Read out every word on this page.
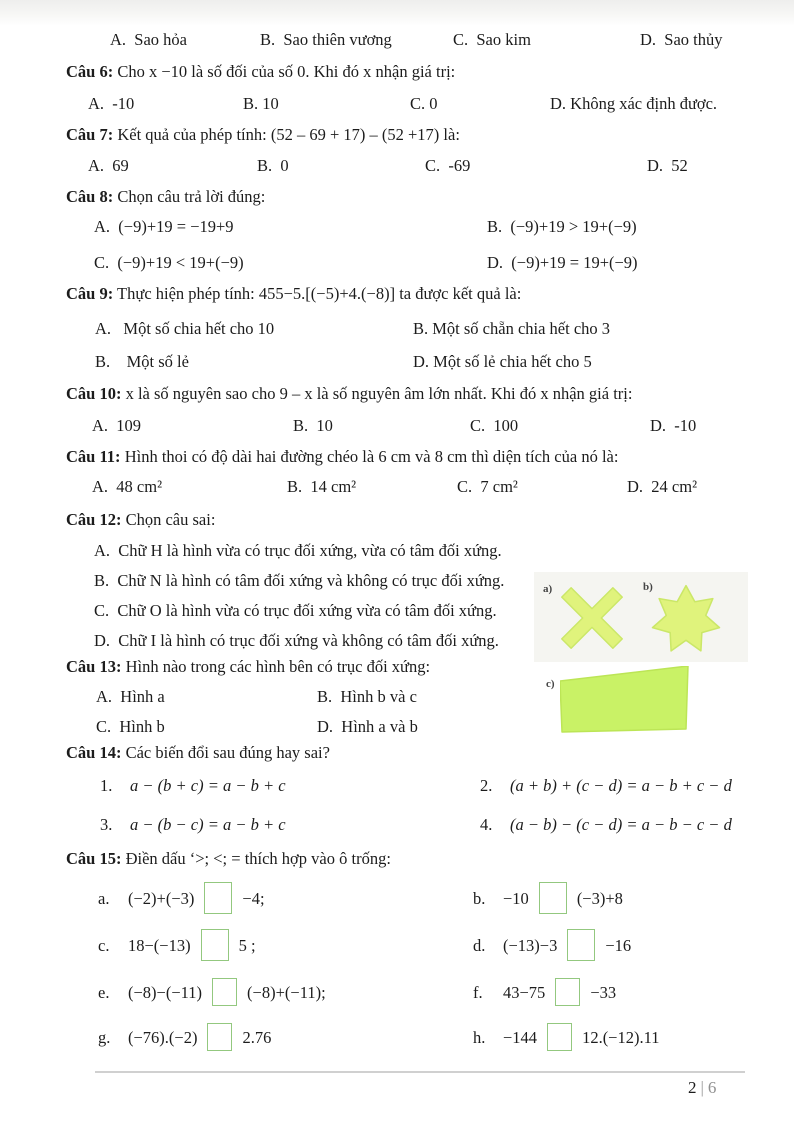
A.  Sao hỏa	B.  Sao thiên vương	C.  Sao kim	D.  Sao thủy
Câu 6: Cho x −10 là số đối của số 0. Khi đó x nhận giá trị:
A.  -10	B. 10	C. 0	D. Không xác định được.
Câu 7: Kết quả của phép tính: (52 – 69 + 17) – (52 +17) là:
A.  69	B.  0	C.  -69	D.  52
Câu 8: Chọn câu trả lời đúng:
A.  (−9)+19 = −19+9	B.  (−9)+19 > 19+(−9)
C.  (−9)+19 < 19+(−9)	D.  (−9)+19 = 19+(−9)
Câu 9: Thực hiện phép tính: 455−5.[(−5)+4.(−8)] ta được kết quả là:
A.   Một số chia hết cho 10	B. Một số chẵn chia hết cho 3
B.    Một số lẻ	D. Một số lẻ chia hết cho 5
Câu 10: x là số nguyên sao cho 9 – x là số nguyên âm lớn nhất. Khi đó x nhận giá trị:
A.  109	B.  10	C.  100	D.  -10
Câu 11: Hình thoi có độ dài hai đường chéo là 6 cm và 8 cm thì diện tích của nó là:
A.  48 cm²	B.  14 cm²	C.  7 cm²	D.  24 cm²
Câu 12: Chọn câu sai:
A.  Chữ H là hình vừa có trục đối xứng, vừa có tâm đối xứng.
B.  Chữ N là hình có tâm đối xứng và không có trục đối xứng.
C.  Chữ O là hình vừa có trục đối xứng vừa có tâm đối xứng.
D.  Chữ I là hình có trục đối xứng và không có tâm đối xứng.
a)	b)
c)
Câu 13: Hình nào trong các hình bên có trục đối xứng:
A.  Hình a	B.  Hình b và c
C.  Hình b	D.  Hình a và b
Câu 14: Các biến đổi sau đúng hay sai?
1. a − (b + c) = a − b + c	2. (a + b) + (c − d) = a − b + c − d
3. a − (b − c) = a − b + c	4. (a − b) − (c − d) = a − b − c − d
Câu 15: Điền dấu ‘>; <; = thích hợp vào ô trống:
a. (−2)+(−3)	−4;	b. −10	(−3)+8
c. 18−(−13)	5 ;	d. (−13)−3	−16
e. (−8)−(−11)	(−8)+(−11);	f. 43−75	−33
g. (−76).(−2)	2.76	h. −144	12.(−12).11
2 | 6
